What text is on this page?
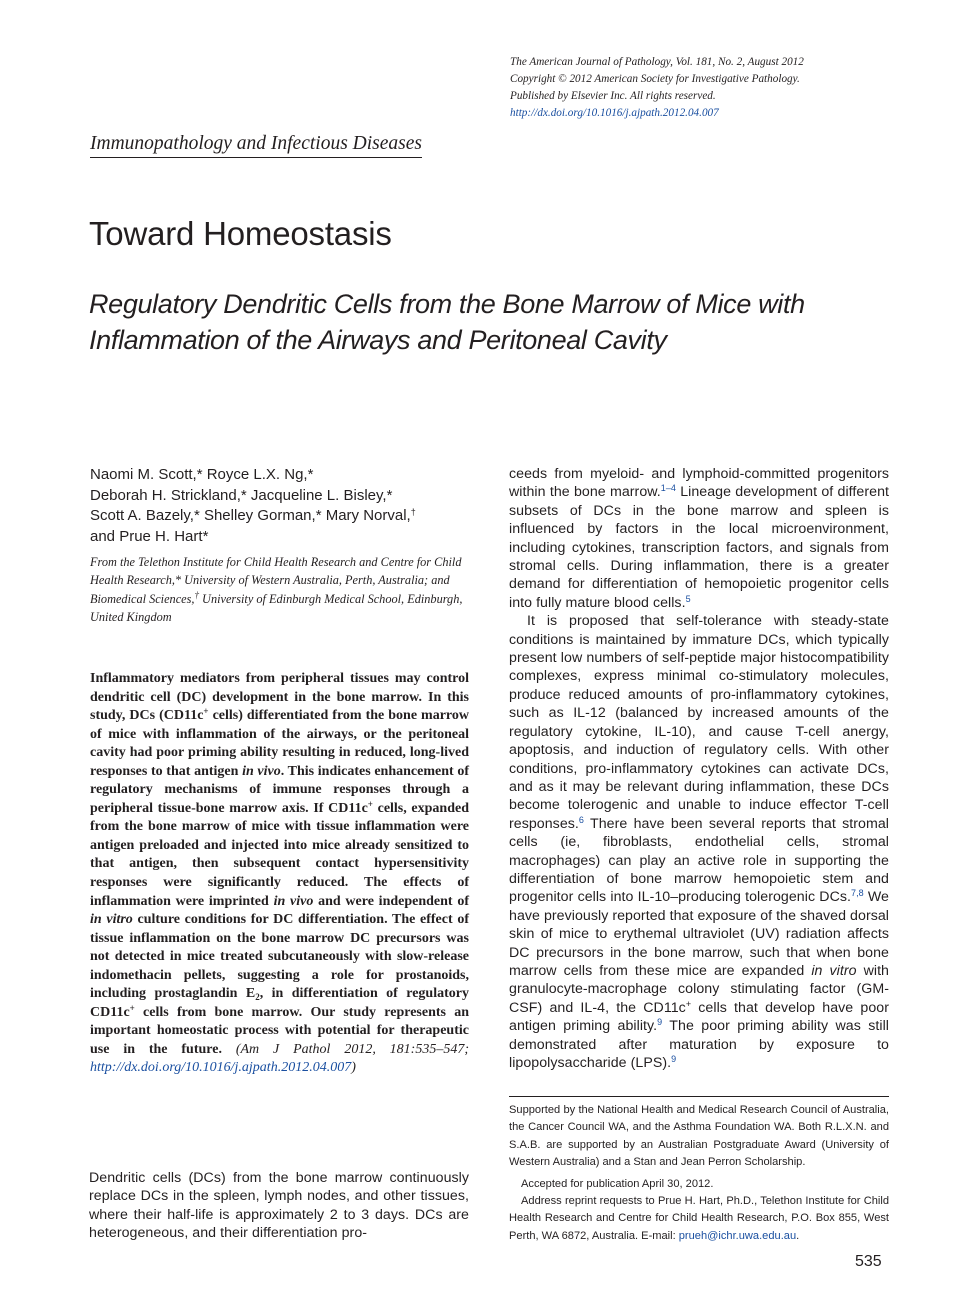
The American Journal of Pathology, Vol. 181, No. 2, August 2012
Copyright © 2012 American Society for Investigative Pathology.
Published by Elsevier Inc. All rights reserved.
http://dx.doi.org/10.1016/j.ajpath.2012.04.007
Immunopathology and Infectious Diseases
Toward Homeostasis
Regulatory Dendritic Cells from the Bone Marrow of Mice with Inflammation of the Airways and Peritoneal Cavity
Naomi M. Scott,* Royce L.X. Ng,*
Deborah H. Strickland,* Jacqueline L. Bisley,*
Scott A. Bazely,* Shelley Gorman,* Mary Norval,†
and Prue H. Hart*
From the Telethon Institute for Child Health Research and Centre for Child Health Research,* University of Western Australia, Perth, Australia; and Biomedical Sciences,† University of Edinburgh Medical School, Edinburgh, United Kingdom
Inflammatory mediators from peripheral tissues may control dendritic cell (DC) development in the bone marrow. In this study, DCs (CD11c+ cells) differentiated from the bone marrow of mice with inflammation of the airways, or the peritoneal cavity had poor priming ability resulting in reduced, long-lived responses to that antigen in vivo. This indicates enhancement of regulatory mechanisms of immune responses through a peripheral tissue-bone marrow axis. If CD11c+ cells, expanded from the bone marrow of mice with tissue inflammation were antigen preloaded and injected into mice already sensitized to that antigen, then subsequent contact hypersensitivity responses were significantly reduced. The effects of inflammation were imprinted in vivo and were independent of in vitro culture conditions for DC differentiation. The effect of tissue inflammation on the bone marrow DC precursors was not detected in mice treated subcutaneously with slow-release indomethacin pellets, suggesting a role for prostanoids, including prostaglandin $E_2$, in differentiation of regulatory CD11c+ cells from bone marrow. Our study represents an important homeostatic process with potential for therapeutic use in the future. (Am J Pathol 2012, 181:535–547; http://dx.doi.org/10.1016/j.ajpath.2012.04.007)

Dendritic cells (DCs) from the bone marrow continuously replace DCs in the spleen, lymph nodes, and other tissues, where their half-life is approximately 2 to 3 days. DCs are heterogeneous, and their differentiation pro-

ceeds from myeloid- and lymphoid-committed progenitors within the bone marrow.$^{1-4}$ Lineage development of different subsets of DCs in the bone marrow and spleen is influenced by factors in the local microenvironment, including cytokines, transcription factors, and signals from stromal cells. During inflammation, there is a greater demand for differentiation of hemopoietic progenitor cells into fully mature blood cells.$^5$

It is proposed that self-tolerance with steady-state conditions is maintained by immature DCs, which typically present low numbers of self-peptide major histocompatibility complexes, express minimal co-stimulatory molecules, produce reduced amounts of pro-inflammatory cytokines, such as IL-12 (balanced by increased amounts of the regulatory cytokine, IL-10), and cause T-cell anergy, apoptosis, and induction of regulatory cells. With other conditions, pro-inflammatory cytokines can activate DCs, and as it may be relevant during inflammation, these DCs become tolerogenic and unable to induce effector T-cell responses.$^6$ There have been several reports that stromal cells (ie, fibroblasts, endothelial cells, stromal macrophages) can play an active role in supporting the differentiation of bone marrow hemopoietic stem and progenitor cells into IL-10–producing tolerogenic DCs.$^{7,8}$ We have previously reported that exposure of the shaved dorsal skin of mice to erythemal ultraviolet (UV) radiation affects DC precursors in the bone marrow, such that when bone marrow cells from these mice are expanded in vitro with granulocyte-macrophage colony stimulating factor (GM-CSF) and IL-4, the CD11c+ cells that develop have poor antigen priming ability.$^9$ The poor priming ability was still demonstrated after maturation by exposure to lipopolysaccharide (LPS).$^9$

Supported by the National Health and Medical Research Council of Australia, the Cancer Council WA, and the Asthma Foundation WA. Both R.L.X.N. and S.A.B. are supported by an Australian Postgraduate Award (University of Western Australia) and a Stan and Jean Perron Scholarship.

Accepted for publication April 30, 2012.

Address reprint requests to Prue H. Hart, Ph.D., Telethon Institute for Child Health Research and Centre for Child Health Research, P.O. Box 855, West Perth, WA 6872, Australia. E-mail: prueh@ichr.uwa.edu.au.

535
